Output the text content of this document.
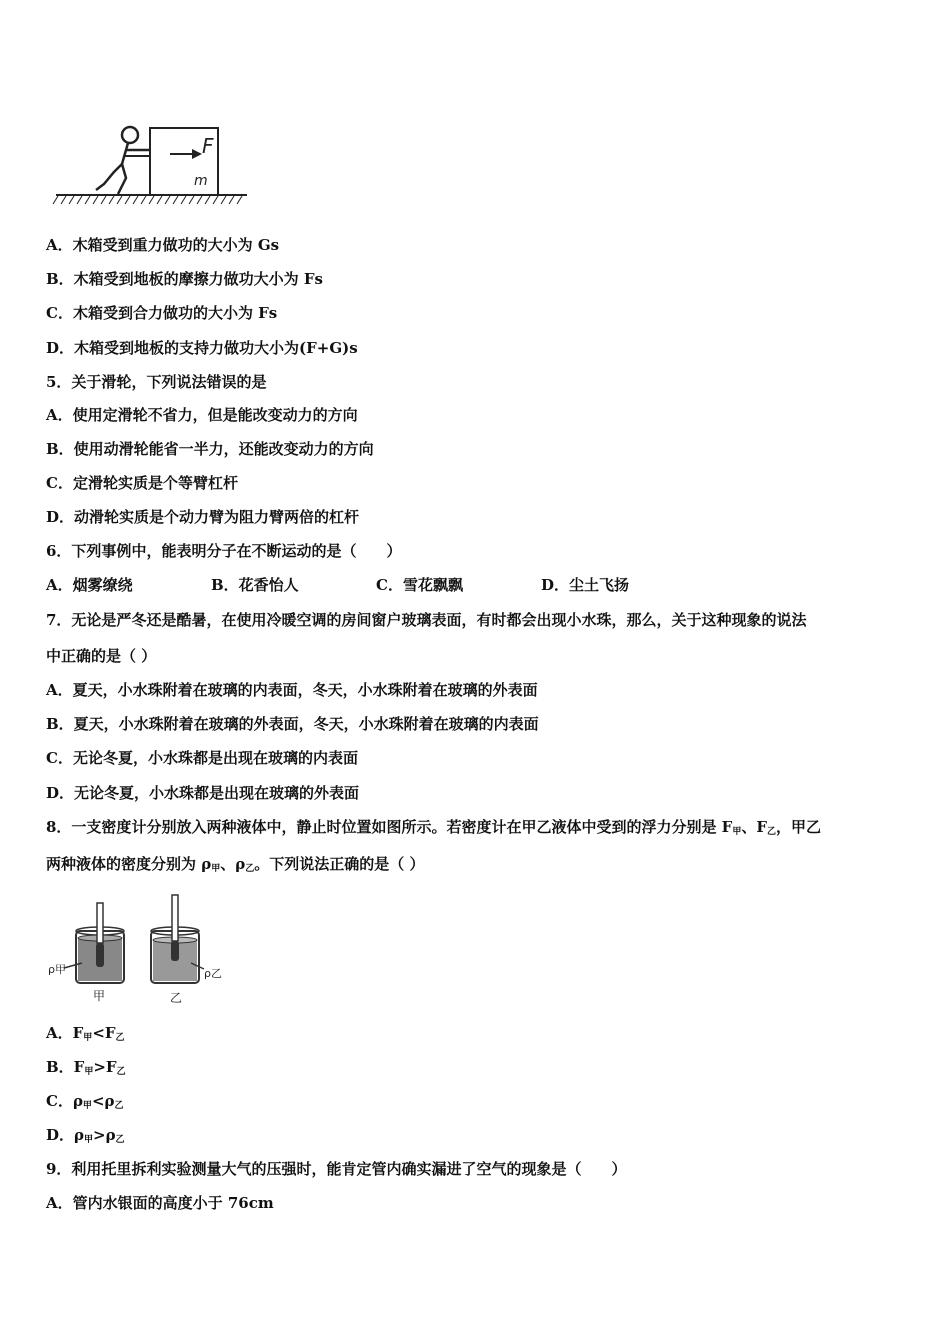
F
m
A．木箱受到重力做功的大小为 Gs
B．木箱受到地板的摩擦力做功大小为 Fs
C．木箱受到合力做功的大小为 Fs
D．木箱受到地板的支持力做功大小为(F+G)s
5．关于滑轮，下列说法错误的是
A．使用定滑轮不省力，但是能改变动力的方向
B．使用动滑轮能省一半力，还能改变动力的方向
C．定滑轮实质是个等臂杠杆
D．动滑轮实质是个动力臂为阻力臂两倍的杠杆
6．下列事例中，能表明分子在不断运动的是（　　）
A．烟雾缭绕	B．花香怡人	C．雪花飘飘	D．尘土飞扬
7．无论是严冬还是酷暑，在使用冷暖空调的房间窗户玻璃表面，有时都会出现小水珠，那么，关于这种现象的说法
中正确的是（ ）
A．夏天，小水珠附着在玻璃的内表面，冬天，小水珠附着在玻璃的外表面
B．夏天，小水珠附着在玻璃的外表面，冬天，小水珠附着在玻璃的内表面
C．无论冬夏，小水珠都是出现在玻璃的内表面
D．无论冬夏，小水珠都是出现在玻璃的外表面
8．一支密度计分别放入两种液体中，静止时位置如图所示。若密度计在甲乙液体中受到的浮力分别是 $F_甲$、$F_乙$，甲乙
两种液体的密度分别为 $\rho_甲$、$\rho_乙$。下列说法正确的是（ ）
ρ甲
甲
ρ乙
乙
A．$F_甲<F_乙$
B．$F_甲>F_乙$
C．$\rho_甲<\rho_乙$
D．$\rho_甲>\rho_乙$
9．利用托里拆利实验测量大气的压强时，能肯定管内确实漏进了空气的现象是（　　）
A．管内水银面的高度小于 76cm
